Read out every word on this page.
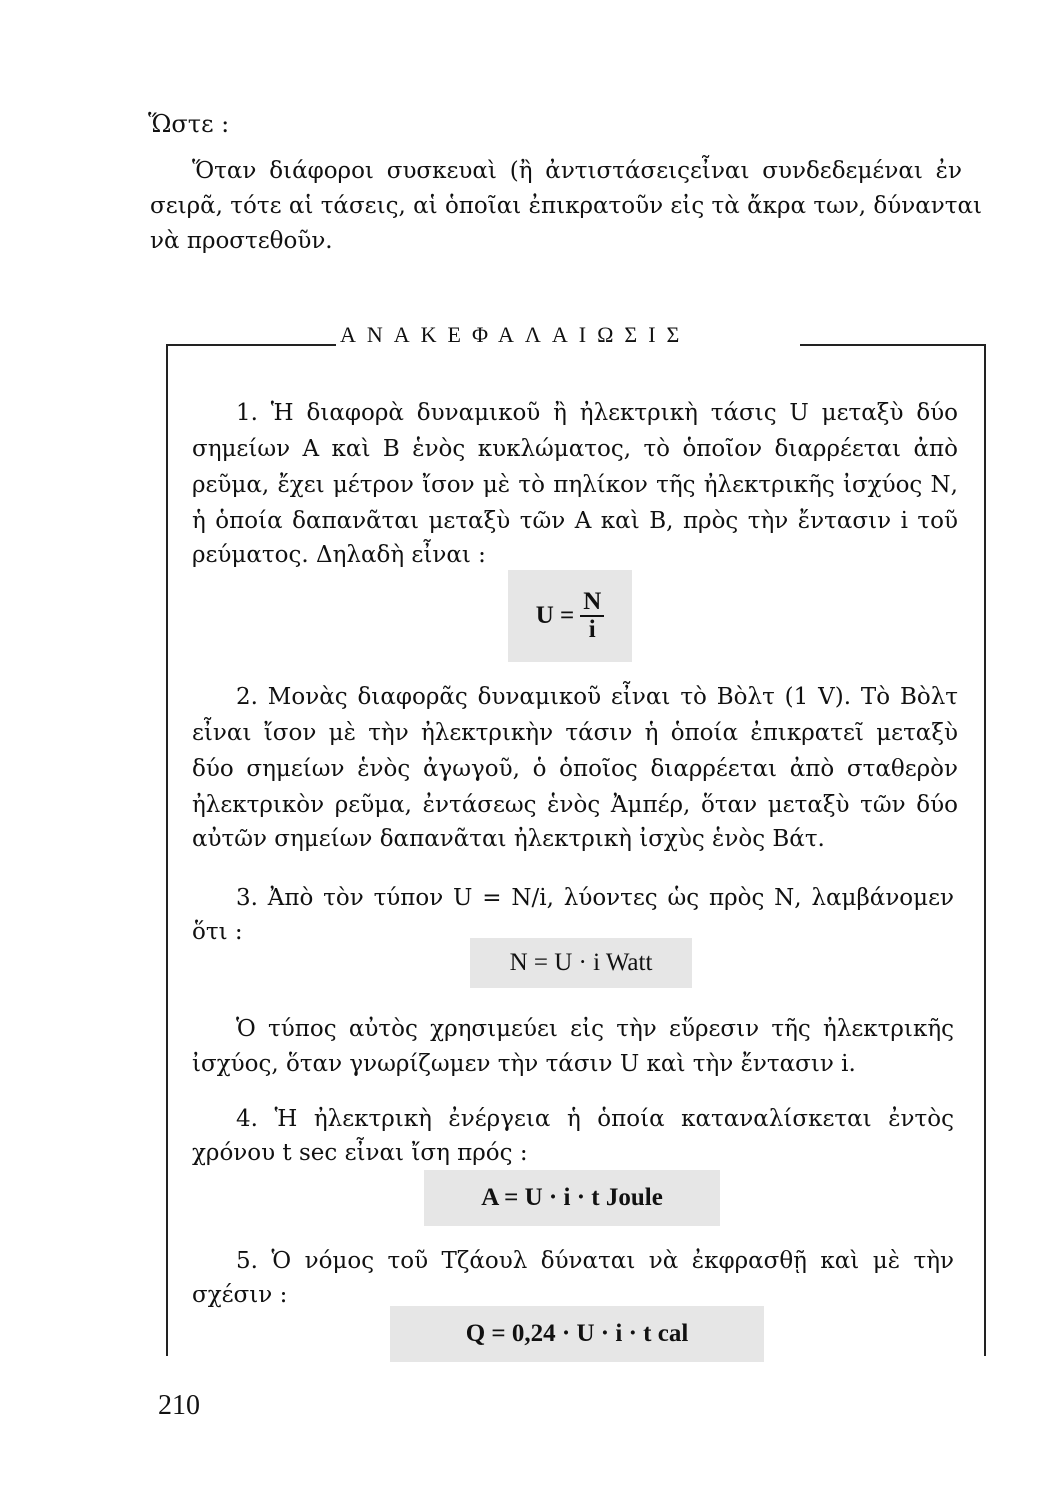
Ὥστε :
Ὅταν διάφοροι συσκευαὶ (ἢ ἀντιστάσειςεἶναι συνδεδεμέναι ἐν
σειρᾶ, τότε αἱ τάσεις, αἱ ὁποῖαι ἐπικρατοῦν εἰς τὰ ἄκρα των, δύνανται
νὰ προστεθοῦν.
ΑΝΑΚΕΦΑΛΑΙΩΣΙΣ
1. Ἡ διαφορὰ δυναμικοῦ ἢ ἠλεκτρικὴ τάσις U μεταξὺ δύο
σημείων Α καὶ Β ἑνὸς κυκλώματος, τὸ ὁποῖον διαρρέεται ἀπὸ
ρεῦμα, ἔχει μέτρον ἴσον μὲ τὸ πηλίκον τῆς ἠλεκτρικῆς ἰσχύος Ν,
ἡ ὁποία δαπανᾶται μεταξὺ τῶν Α καὶ Β, πρὸς τὴν ἔντασιν i τοῦ
ρεύματος. Δηλαδὴ εἶναι :
$U = \frac{N}{i}$
2. Μονὰς διαφορᾶς δυναμικοῦ εἶναι τὸ Βὸλτ (1 V). Τὸ Βὸλτ
εἶναι ἴσον μὲ τὴν ἠλεκτρικὴν τάσιν ἡ ὁποία ἐπικρατεῖ μεταξὺ
δύο σημείων ἑνὸς ἀγωγοῦ, ὁ ὁποῖος διαρρέεται ἀπὸ σταθερὸν
ἠλεκτρικὸν ρεῦμα, ἐντάσεως ἑνὸς Ἀμπέρ, ὅταν μεταξὺ τῶν δύο
αὐτῶν σημείων δαπανᾶται ἠλεκτρικὴ ἰσχὺς ἑνὸς Βάτ.
3. Ἀπὸ τὸν τύπον U = N/i, λύοντες ὡς πρὸς Ν, λαμβάνομεν
ὅτι :
N = U · i Watt
Ὁ τύπος αὐτὸς χρησιμεύει εἰς τὴν εὕρεσιν τῆς ἠλεκτρικῆς
ἰσχύος, ὅταν γνωρίζωμεν τὴν τάσιν U καὶ τὴν ἔντασιν i.
4. Ἡ ἠλεκτρικὴ ἐνέργεια ἡ ὁποία καταναλίσκεται ἐντὸς
χρόνου t sec εἶναι ἴση πρός :
A = U · i · t Joule
5. Ὁ νόμος τοῦ Τζάουλ δύναται νὰ ἐκφρασθῇ καὶ μὲ τὴν
σχέσιν :
Q = 0,24 · U · i · t cal
210
